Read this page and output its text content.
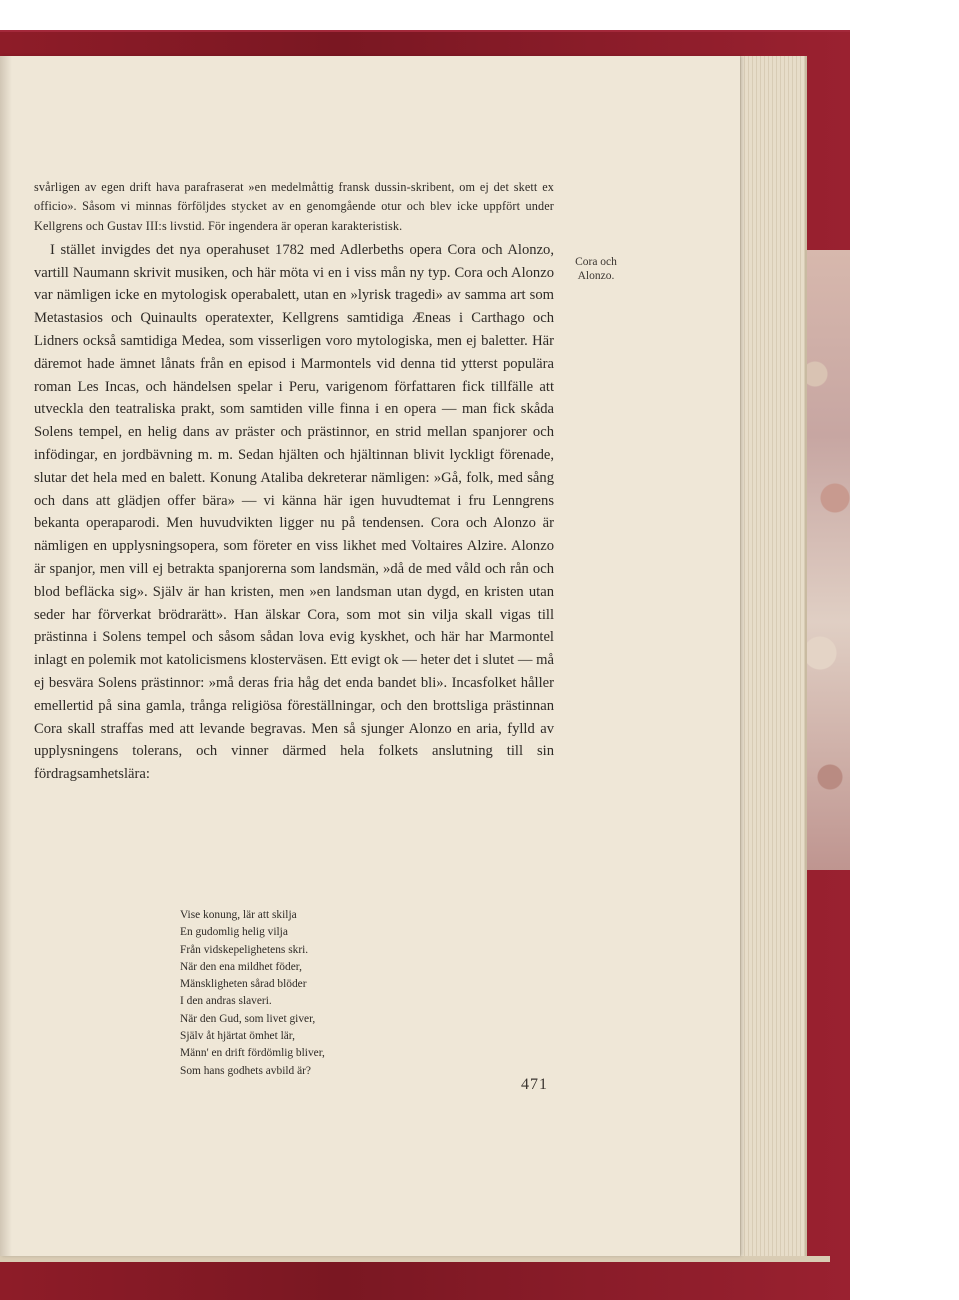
svårligen av egen drift hava parafraserat »en medelmåttig fransk dussin-skribent, om ej det skett ex officio». Såsom vi minnas förföljdes stycket av en genomgående otur och blev icke uppfört under Kellgrens och Gustav III:s livstid. För ingendera är operan karakteristisk.

I stället invigdes det nya operahuset 1782 med Adlerbeths opera Cora och Alonzo, vartill Naumann skrivit musiken, och här möta vi en i viss mån ny typ. Cora och Alonzo var nämligen icke en mytologisk operabalett, utan en »lyrisk tragedi» av samma art som Metastasios och Quinaults operatexter, Kellgrens samtidiga Æneas i Carthago och Lidners också samtidiga Medea, som visserligen voro mytologiska, men ej baletter. Här däremot hade ämnet lånats från en episod i Marmontels vid denna tid ytterst populära roman Les Incas, och händelsen spelar i Peru, varigenom författaren fick tillfälle att utveckla den teatraliska prakt, som samtiden ville finna i en opera — man fick skåda Solens tempel, en helig dans av präster och prästinnor, en strid mellan spanjorer och infödingar, en jordbävning m. m. Sedan hjälten och hjältinnan blivit lyckligt förenade, slutar det hela med en balett. Konung Ataliba dekreterar nämligen: »Gå, folk, med sång och dans att glädjen offer bära» — vi känna här igen huvudtemat i fru Lenngrens bekanta operaparodi. Men huvudvikten ligger nu på tendensen. Cora och Alonzo är nämligen en upplysningsopera, som företer en viss likhet med Voltaires Alzire. Alonzo är spanjor, men vill ej betrakta spanjorerna som landsmän, »då de med våld och rån och blod befläcka sig». Själv är han kristen, men »en landsman utan dygd, en kristen utan seder har förverkat brödrarätt». Han älskar Cora, som mot sin vilja skall vigas till prästinna i Solens tempel och såsom sådan lova evig kyskhet, och här har Marmontel inlagt en polemik mot katolicismens klosterväsen. Ett evigt ok — heter det i slutet — må ej besvära Solens prästinnor: »må deras fria håg det enda bandet bli». Incasfolket håller emellertid på sina gamla, trånga religiösa föreställningar, och den brottsliga prästinnan Cora skall straffas med att levande begravas. Men så sjunger Alonzo en aria, fylld av upplysningens tolerans, och vinner därmed hela folkets anslutning till sin fördragsamhetslära:

Vise konung, lär att skilja
En gudomlig helig vilja
Från vidskepelighetens skri.
När den ena mildhet föder,
Mänskligheten sårad blöder
I den andras slaveri.
När den Gud, som livet giver,
Själv åt hjärtat ömhet lär,
Männ' en drift fördömlig bliver,
Som hans godhets avbild är?
Cora och Alonzo.
471
